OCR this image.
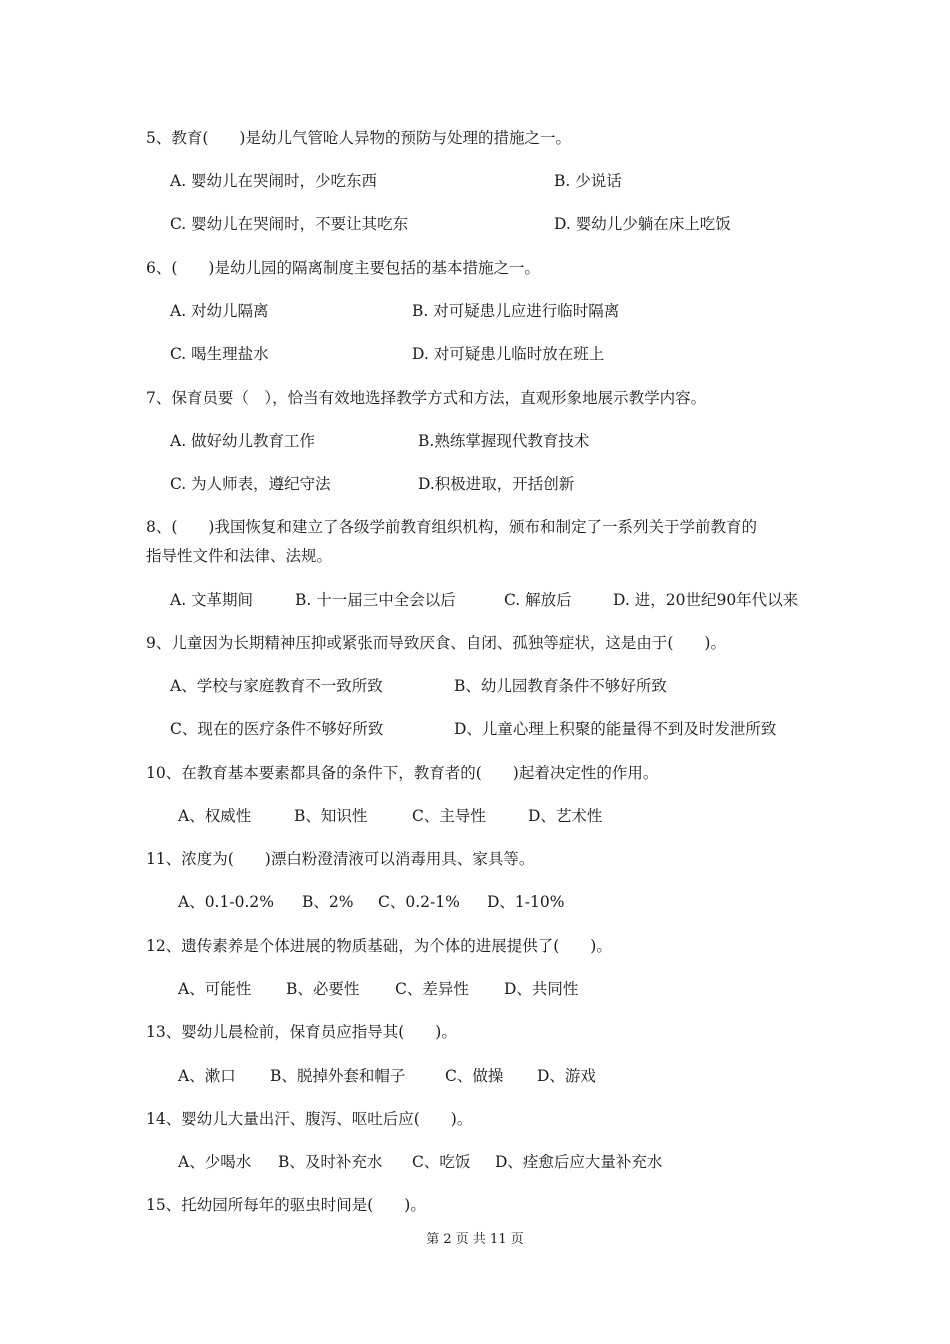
5、教育(　　)是幼儿气管呛人异物的预防与处理的措施之一。
A. 婴幼儿在哭闹时，少吃东西	B. 少说话
C. 婴幼儿在哭闹时，不要让其吃东	D. 婴幼儿少躺在床上吃饭
6、(　　)是幼儿园的隔离制度主要包括的基本措施之一。
A. 对幼儿隔离	B. 对可疑患儿应进行临时隔离
C. 喝生理盐水	D. 对可疑患儿临时放在班上
7、保育员要（　），恰当有效地选择教学方式和方法，直观形象地展示教学内容。
A. 做好幼儿教育工作	B.熟练掌握现代教育技术
C. 为人师表，遵纪守法	D.积极进取，开括创新
8、(　　)我国恢复和建立了各级学前教育组织机构，颁布和制定了一系列关于学前教育的
指导性文件和法律、法规。
A. 文革期间	B. 十一届三中全会以后	C. 解放后	D. 进，20世纪90年代以来
9、儿童因为长期精神压抑或紧张而导致厌食、自闭、孤独等症状，这是由于(　　)。
A、学校与家庭教育不一致所致	B、幼儿园教育条件不够好所致
C、现在的医疗条件不够好所致	D、儿童心理上积聚的能量得不到及时发泄所致
10、在教育基本要素都具备的条件下，教育者的(　　)起着决定性的作用。
A、权威性	B、知识性	C、主导性	D、艺术性
11、浓度为(　　)漂白粉澄清液可以消毒用具、家具等。
A、0.1-0.2% B、2% C、0.2-1% D、1-10%
12、遗传素养是个体进展的物质基础，为个体的进展提供了(　　)。
A、可能性 B、必要性 C、差异性 D、共同性
13、婴幼儿晨检前，保育员应指导其(　　)。
A、漱口 B、脱掉外套和帽子	C、做操 D、游戏
14、婴幼儿大量出汗、腹泻、呕吐后应(　　)。
A、少喝水 B、及时补充水 C、吃饭 D、痊愈后应大量补充水
15、托幼园所每年的驱虫时间是(　　)。
第 2 页 共 11 页
